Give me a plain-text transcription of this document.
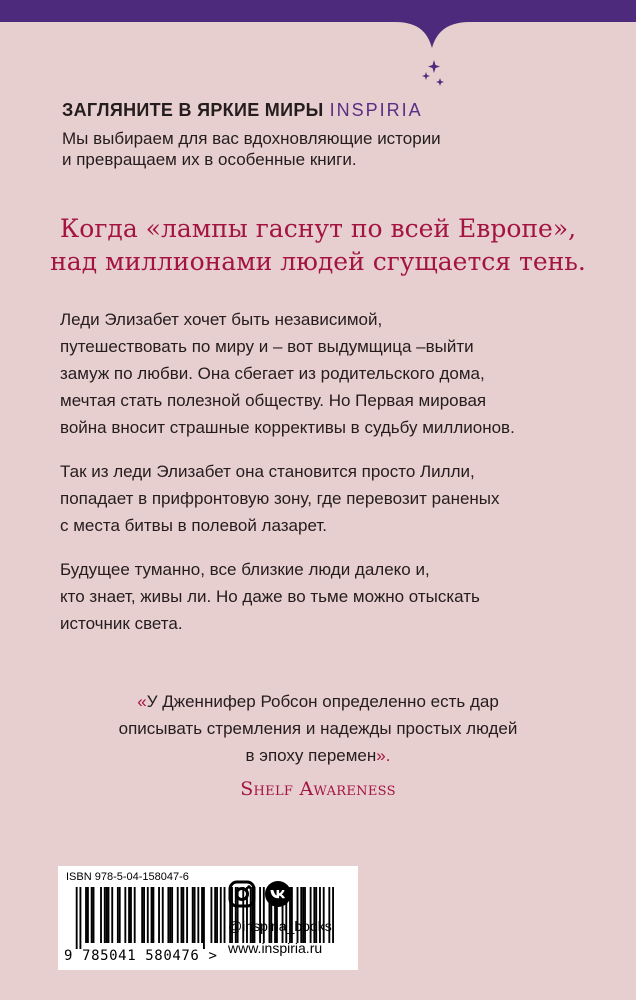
ЗАГЛЯНИТЕ В ЯРКИЕ МИРЫ INSPIRIA
Мы выбираем для вас вдохновляющие истории
и превращаем их в особенные книги.
Когда «лампы гаснут по всей Европе»,
над миллионами людей сгущается тень.
Леди Элизабет хочет быть независимой,
путешествовать по миру и – вот выдумщица –выйти
замуж по любви. Она сбегает из родительского дома,
мечтая стать полезной обществу. Но Первая мировая
война вносит страшные коррективы в судьбу миллионов.
Так из леди Элизабет она становится просто Лилли,
попадает в прифронтовую зону, где перевозит раненых
с места битвы в полевой лазарет.
Будущее туманно, все близкие люди далеко и,
кто знает, живы ли. Но даже во тьме можно отыскать
источник света.
«У Дженнифер Робсон определенно есть дар
описывать стремления и надежды простых людей
в эпоху перемен».
Shelf Awareness
ISBN 978-5-04-158047-6
9 785041 580476 >
@inspiria_books
www.inspiria.ru
